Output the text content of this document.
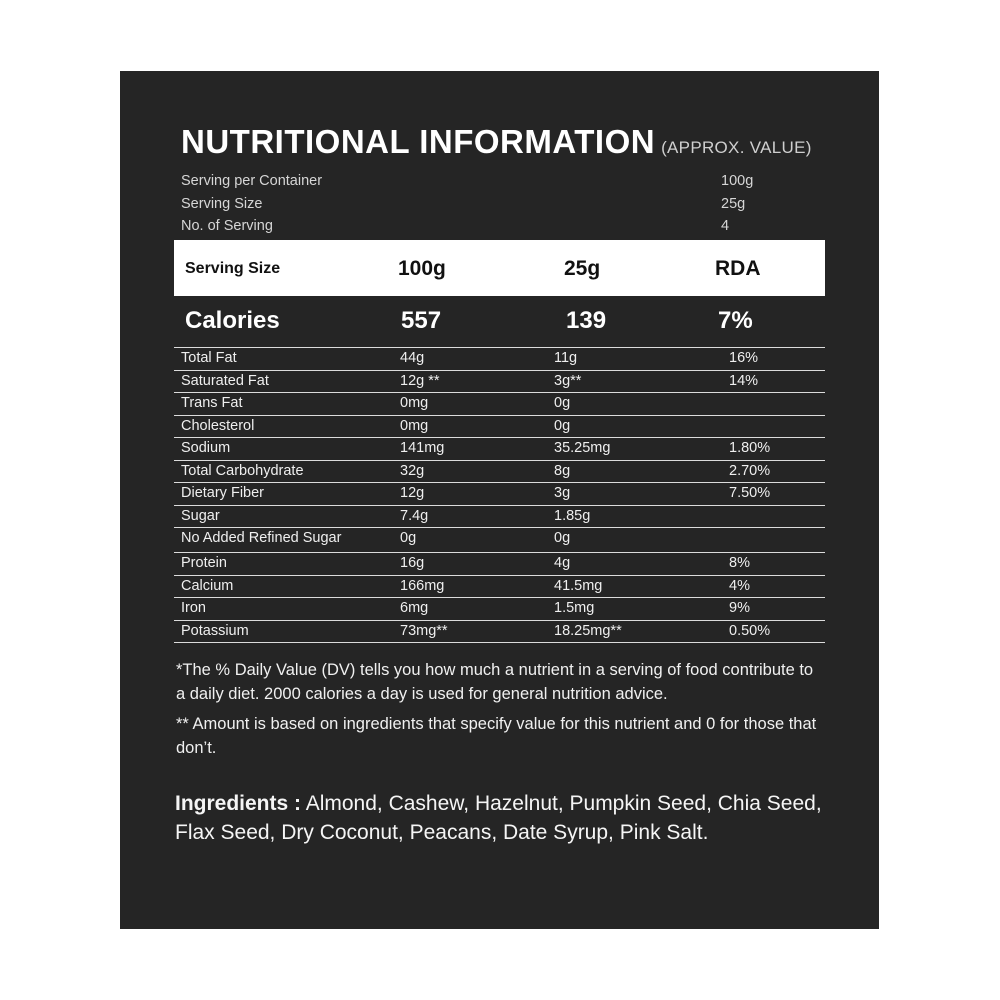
NUTRITIONAL INFORMATION (APPROX. VALUE)
Serving per Container	100g
Serving Size	25g
No. of Serving	4
Serving Size	100g	25g	RDA
Calories	557	139	7%
Total Fat	44g	11g	16%
Saturated Fat	12g **	3g**	14%
Trans Fat	0mg	0g
Cholesterol	0mg	0g
Sodium	141mg	35.25mg	1.80%
Total Carbohydrate	32g	8g	2.70%
Dietary Fiber	12g	3g	7.50%
Sugar	7.4g	1.85g
No Added Refined Sugar	0g	0g
Protein	16g	4g	8%
Calcium	166mg	41.5mg	4%
Iron	6mg	1.5mg	9%
Potassium	73mg**	18.25mg**	0.50%

*The % Daily Value (DV) tells you how much a nutrient in a serving of food contribute to a daily diet. 2000 calories a day is used for general nutrition advice.

** Amount is based on ingredients that specify value for this nutrient and 0 for those that don’t.

Ingredients : Almond, Cashew, Hazelnut, Pumpkin Seed, Chia Seed, Flax Seed, Dry Coconut, Peacans, Date Syrup, Pink Salt.
